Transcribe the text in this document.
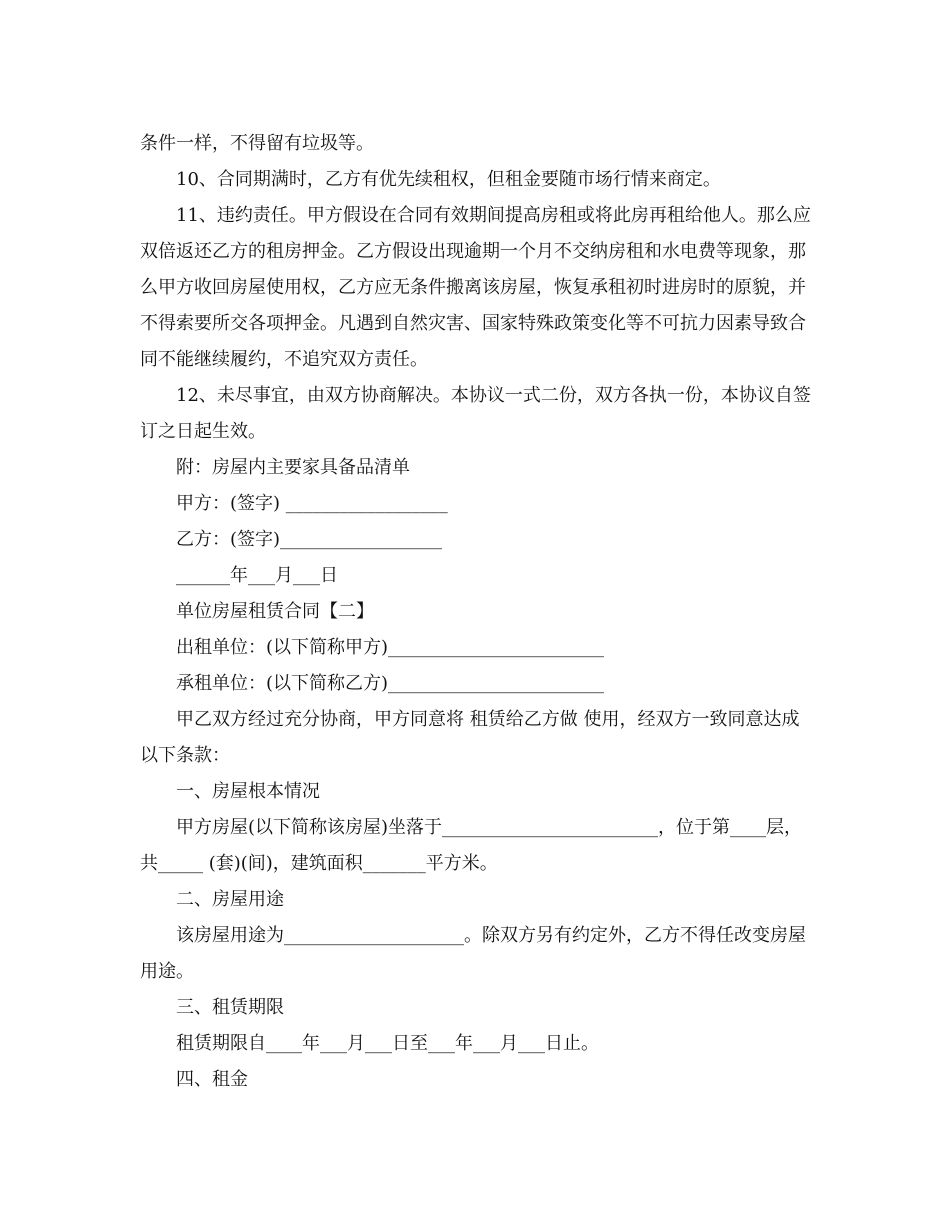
条件一样，不得留有垃圾等。

10、合同期满时，乙方有优先续租权，但租金要随市场行情来商定。

11、违约责任。甲方假设在合同有效期间提高房租或将此房再租给他人。那么应双倍返还乙方的租房押金。乙方假设出现逾期一个月不交纳房租和水电费等现象，那么甲方收回房屋使用权，乙方应无条件搬离该房屋，恢复承租初时进房时的原貌，并不得索要所交各项押金。凡遇到自然灾害、国家特殊政策变化等不可抗力因素导致合同不能继续履约，不追究双方责任。

12、未尽事宜，由双方协商解决。本协议一式二份，双方各执一份，本协议自签订之日起生效。

附：房屋内主要家具备品清单

甲方：(签字) __________________

乙方：(签字)__________________

______年___月___日

单位房屋租赁合同【二】

出租单位：(以下简称甲方)________________________

承租单位：(以下简称乙方)________________________

甲乙双方经过充分协商，甲方同意将 租赁给乙方做 使用，经双方一致同意达成以下条款：

一、房屋根本情况

甲方房屋(以下简称该房屋)坐落于________________________，位于第____层，共_____ (套)(间)，建筑面积_______平方米。

二、房屋用途

该房屋用途为____________________。除双方另有约定外，乙方不得任改变房屋用途。

三、租赁期限

租赁期限自____年___月___日至___年___月___日止。

四、租金
